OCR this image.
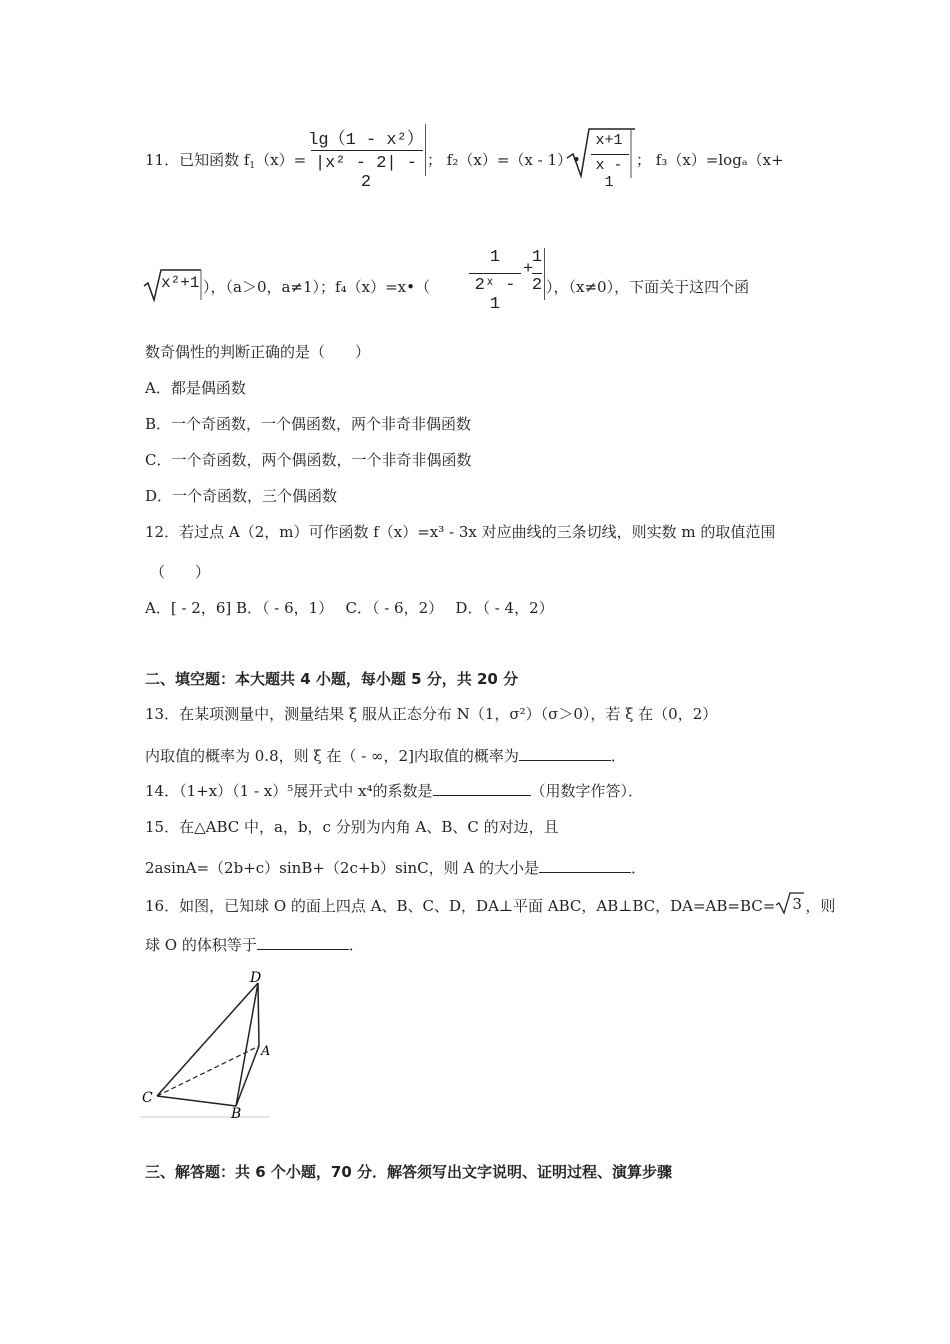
11．已知函数 $f_1(x)=$
lg（1 - x²）
|x² - 2| - 2
； f₂（x）=（x - 1）•
x+1
x - 1
； f₃（x）=logₐ（x+
x²+1 ），（a＞0，a≠1）；f₄（x）=x•（
1
2ˣ - 1
+
1
2 ），（x≠0），下面关于这四个函
数奇偶性的判断正确的是（　　）
A．都是偶函数
B．一个奇函数，一个偶函数，两个非奇非偶函数
C．一个奇函数，两个偶函数，一个非奇非偶函数
D．一个奇函数，三个偶函数
12．若过点 A（2，m）可作函数 f（x）=x³ - 3x 对应曲线的三条切线，则实数 m 的取值范围
（　　）
A．[ - 2，6] B．（ - 6，1）　 C．（ - 6，2）　 D．（ - 4，2）
二、填空题：本大题共 4 小题，每小题 5 分，共 20 分
13．在某项测量中，测量结果 ξ 服从正态分布 N（1，σ²）（σ＞0），若 ξ 在（0，2）
内取值的概率为 0.8，则 ξ 在（ - ∞，2]内取值的概率为	．
14．（1+x）（1 - x）⁵展开式中 x⁴的系数是	（用数字作答）．
15．在△ABC 中，a，b，c 分别为内角 A、B、C 的对边，且
2asinA=（2b+c）sinB+（2c+b）sinC，则 A 的大小是	．
16．如图，已知球 O 的面上四点 A、B、C、D，DA⊥平面 ABC，AB⊥BC，DA=AB=BC= 3 ，则
球 O 的体积等于	．
D
A
C
B
三、解答题：共 6 个小题，70 分．解答须写出文字说明、证明过程、演算步骤
